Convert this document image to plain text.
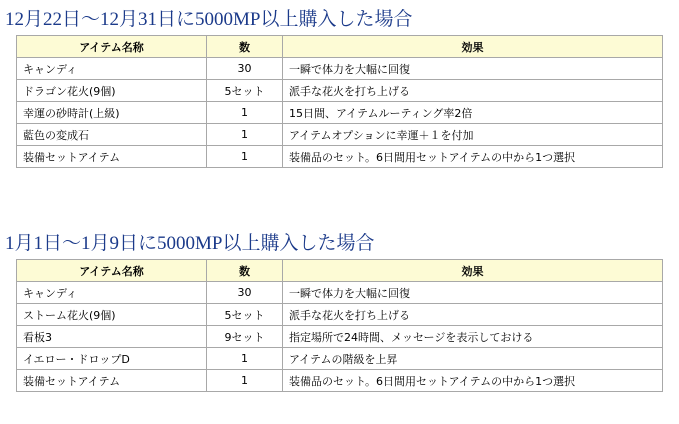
12月22日～12月31日に5000MP以上購入した場合
アイテム名称	数	効果
キャンディ	30	一瞬で体力を大幅に回復
ドラゴン花火(9個)	5セット	派手な花火を打ち上げる
幸運の砂時計(上級)	1	15日間、アイテムルーティング率2倍
藍色の変成石	1	アイテムオプションに幸運＋１を付加
装備セットアイテム	1	装備品のセット。6日間用セットアイテムの中から1つ選択
1月1日～1月9日に5000MP以上購入した場合
アイテム名称	数	効果
キャンディ	30	一瞬で体力を大幅に回復
ストーム花火(9個)	5セット	派手な花火を打ち上げる
看板3	9セット	指定場所で24時間、メッセージを表示しておける
イエロー・ドロップD	1	アイテムの階級を上昇
装備セットアイテム	1	装備品のセット。6日間用セットアイテムの中から1つ選択
